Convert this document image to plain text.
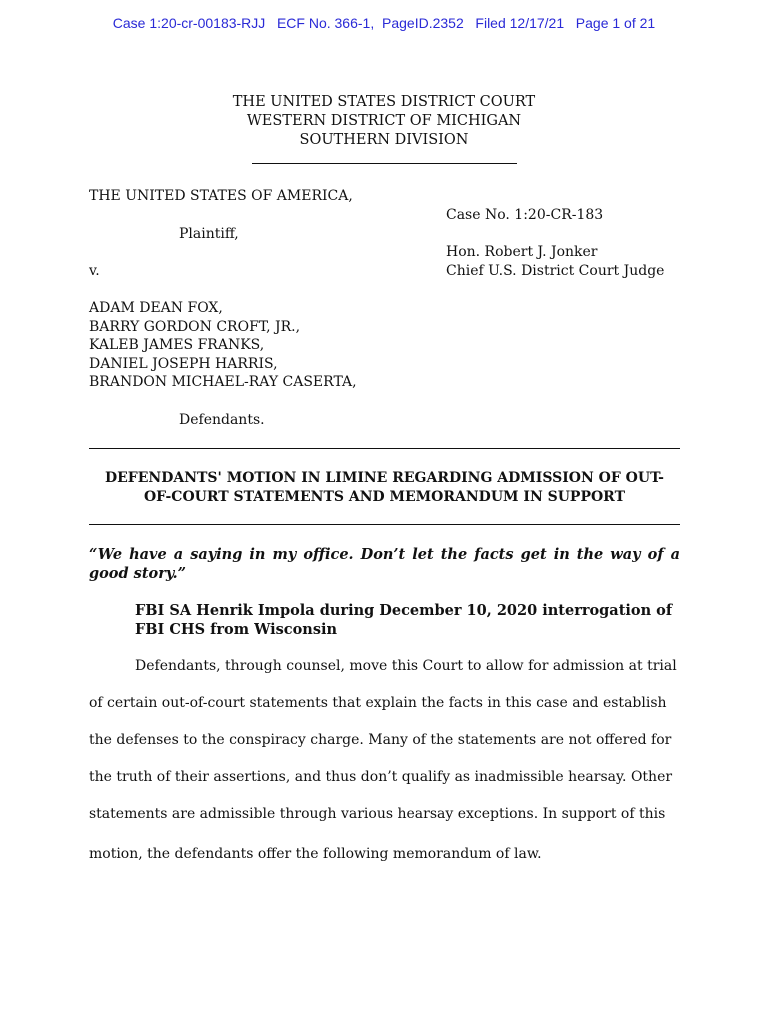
Case 1:20-cr-00183-RJJ   ECF No. 366-1,  PageID.2352   Filed 12/17/21   Page 1 of 21
THE UNITED STATES DISTRICT COURT
WESTERN DISTRICT OF MICHIGAN
SOUTHERN DIVISION
THE UNITED STATES OF AMERICA,
Plaintiff,
v.
Case No. 1:20-CR-183
Hon. Robert J. Jonker
Chief U.S. District Court Judge
ADAM DEAN FOX,
BARRY GORDON CROFT, JR.,
KALEB JAMES FRANKS,
DANIEL JOSEPH HARRIS,
BRANDON MICHAEL-RAY CASERTA,
Defendants.
DEFENDANTS' MOTION IN LIMINE REGARDING ADMISSION OF OUT-
OF-COURT STATEMENTS AND MEMORANDUM IN SUPPORT
“We have a saying in my office. Don’t let the facts get in the way of a good story.”
FBI SA Henrik Impola during December 10, 2020 interrogation of FBI CHS from Wisconsin
Defendants, through counsel, move this Court to allow for admission at trial
of certain out-of-court statements that explain the facts in this case and establish
the defenses to the conspiracy charge. Many of the statements are not offered for
the truth of their assertions, and thus don’t qualify as inadmissible hearsay. Other
statements are admissible through various hearsay exceptions. In support of this
motion, the defendants offer the following memorandum of law.
